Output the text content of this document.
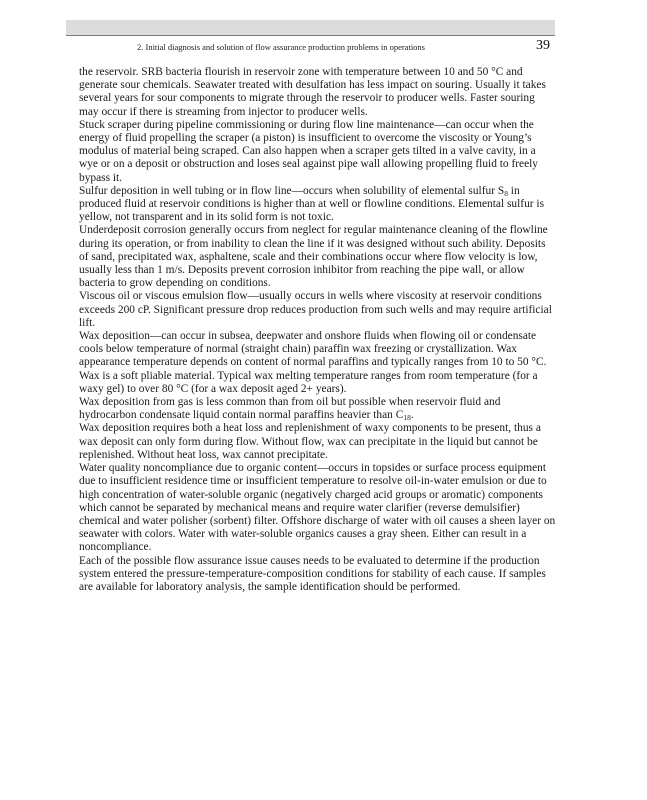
2. Initial diagnosis and solution of flow assurance production problems in operations	39

the reservoir. SRB bacteria flourish in reservoir zone with temperature between 10 and 50 °C and generate sour chemicals. Seawater treated with desulfation has less impact on souring. Usually it takes several years for sour components to migrate through the reservoir to producer wells. Faster souring may occur if there is streaming from injector to producer wells.

Stuck scraper during pipeline commissioning or during flow line maintenance—can occur when the energy of fluid propelling the scraper (a piston) is insufficient to overcome the viscosity or Young’s modulus of material being scraped. Can also happen when a scraper gets tilted in a valve cavity, in a wye or on a deposit or obstruction and loses seal against pipe wall allowing propelling fluid to freely bypass it.

Sulfur deposition in well tubing or in flow line—occurs when solubility of elemental sulfur $S_8$ in produced fluid at reservoir conditions is higher than at well or flowline conditions. Elemental sulfur is yellow, not transparent and in its solid form is not toxic.

Underdeposit corrosion generally occurs from neglect for regular maintenance cleaning of the flowline during its operation, or from inability to clean the line if it was designed without such ability. Deposits of sand, precipitated wax, asphaltene, scale and their combinations occur where flow velocity is low, usually less than 1 m/s. Deposits prevent corrosion inhibitor from reaching the pipe wall, or allow bacteria to grow depending on conditions.

Viscous oil or viscous emulsion flow—usually occurs in wells where viscosity at reservoir conditions exceeds 200 cP. Significant pressure drop reduces production from such wells and may require artificial lift.

Wax deposition—can occur in subsea, deepwater and onshore fluids when flowing oil or condensate cools below temperature of normal (straight chain) paraffin wax freezing or crystallization. Wax appearance temperature depends on content of normal paraffins and typically ranges from 10 to 50 °C. Wax is a soft pliable material. Typical wax melting temperature ranges from room temperature (for a waxy gel) to over 80 °C (for a wax deposit aged 2+ years).

Wax deposition from gas is less common than from oil but possible when reservoir fluid and hydrocarbon condensate liquid contain normal paraffins heavier than $C_{18}$.

Wax deposition requires both a heat loss and replenishment of waxy components to be present, thus a wax deposit can only form during flow. Without flow, wax can precipitate in the liquid but cannot be replenished. Without heat loss, wax cannot precipitate.

Water quality noncompliance due to organic content—occurs in topsides or surface process equipment due to insufficient residence time or insufficient temperature to resolve oil-in-water emulsion or due to high concentration of water-soluble organic (negatively charged acid groups or aromatic) components which cannot be separated by mechanical means and require water clarifier (reverse demulsifier) chemical and water polisher (sorbent) filter. Offshore discharge of water with oil causes a sheen layer on seawater with colors. Water with water-soluble organics causes a gray sheen. Either can result in a noncompliance.

Each of the possible flow assurance issue causes needs to be evaluated to determine if the production system entered the pressure-temperature-composition conditions for stability of each cause. If samples are available for laboratory analysis, the sample identification should be performed.
